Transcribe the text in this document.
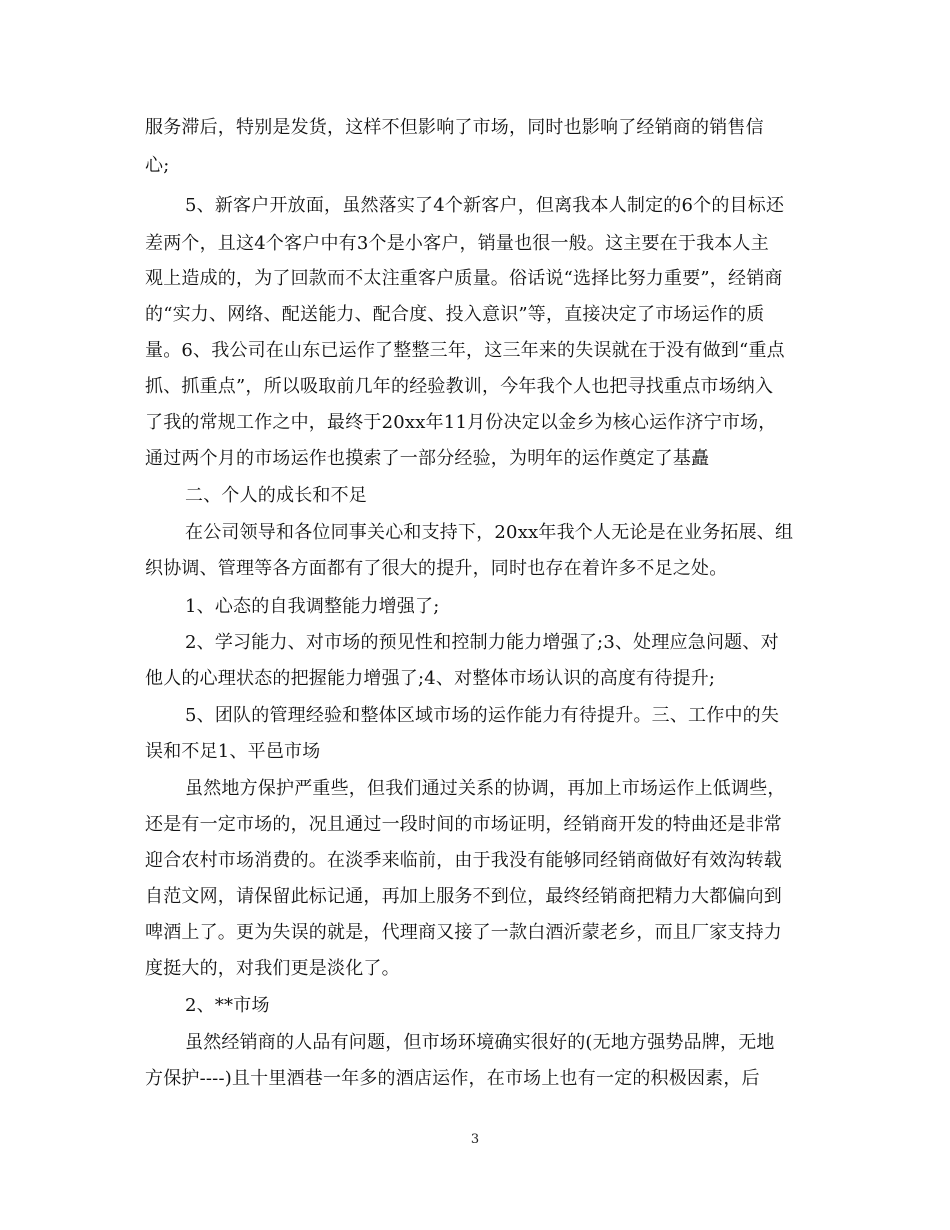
服务滞后，特别是发货，这样不但影响了市场，同时也影响了经销商的销售信
心;
5、新客户开放面，虽然落实了4个新客户，但离我本人制定的6个的目标还
差两个，且这4个客户中有3个是小客户，销量也很一般。这主要在于我本人主
观上造成的，为了回款而不太注重客户质量。俗话说“选择比努力重要”，经销商
的“实力、网络、配送能力、配合度、投入意识”等，直接决定了市场运作的质
量。6、我公司在山东已运作了整整三年，这三年来的失误就在于没有做到“重点
抓、抓重点”，所以吸取前几年的经验教训，今年我个人也把寻找重点市场纳入
了我的常规工作之中，最终于20xx年11月份决定以金乡为核心运作济宁市场，
通过两个月的市场运作也摸索了一部分经验，为明年的运作奠定了基矗
二、个人的成长和不足
在公司领导和各位同事关心和支持下，20xx年我个人无论是在业务拓展、组
织协调、管理等各方面都有了很大的提升，同时也存在着许多不足之处。
1、心态的自我调整能力增强了;
2、学习能力、对市场的预见性和控制力能力增强了;3、处理应急问题、对
他人的心理状态的把握能力增强了;4、对整体市场认识的高度有待提升;
5、团队的管理经验和整体区域市场的运作能力有待提升。三、工作中的失
误和不足1、平邑市场
虽然地方保护严重些，但我们通过关系的协调，再加上市场运作上低调些，
还是有一定市场的，况且通过一段时间的市场证明，经销商开发的特曲还是非常
迎合农村市场消费的。在淡季来临前，由于我没有能够同经销商做好有效沟转载
自范文网，请保留此标记通，再加上服务不到位，最终经销商把精力大都偏向到
啤酒上了。更为失误的就是，代理商又接了一款白酒沂蒙老乡，而且厂家支持力
度挺大的，对我们更是淡化了。
2、**市场
虽然经销商的人品有问题，但市场环境确实很好的(无地方强势品牌，无地
方保护----)且十里酒巷一年多的酒店运作，在市场上也有一定的积极因素，后
3
